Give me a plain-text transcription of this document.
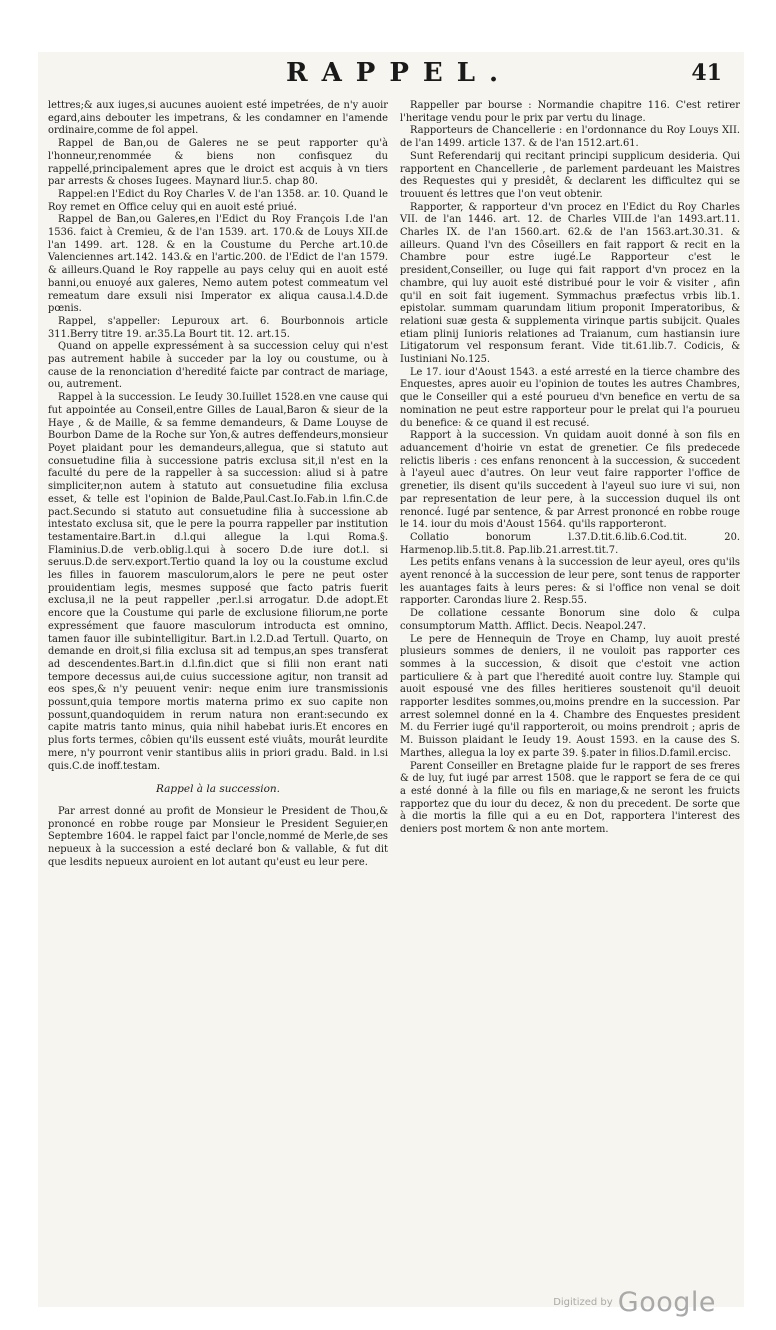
RAPPEL.	41

lettres;& aux iuges,si aucunes auoient esté impetrées, de n'y auoir egard,ains debouter les impetrans, & les condamner en l'amende ordinaire,comme de fol appel.

Rappel de Ban,ou de Galeres ne se peut rapporter qu'à l'honneur,renommée & biens non confisquez du rappellé,principalement apres que le droict est acquis à vn tiers par arrests & choses Iugees. Maynard liur.5. chap 80.

Rappel:en l'Edict du Roy Charles V. de l'an 1358. ar. 10. Quand le Roy remet en Office celuy qui en auoit esté priué.

Rappel de Ban,ou Galeres,en l'Edict du Roy François I.de l'an 1536. faict à Cremieu, & de l'an 1539. art. 170.& de Louys XII.de l'an 1499. art. 128. & en la Coustume du Perche art.10.de Valenciennes art.142. 143.& en l'artic.200. de l'Edict de l'an 1579. & ailleurs.Quand le Roy rappelle au pays celuy qui en auoit esté banni,ou enuoyé aux galeres, Nemo autem potest commeatum vel remeatum dare exsuli nisi Imperator ex aliqua causa.l.4.D.de pœnis.

Rappel, s'appeller: Lepuroux art. 6. Bourbonnois article 311.Berry titre 19. ar.35.La Bourt tit. 12. art.15.

Quand on appelle expressément à sa succession celuy qui n'est pas autrement habile à succeder par la loy ou coustume, ou à cause de la renonciation d'heredité faicte par contract de mariage, ou, autrement.

Rappel à la succession. Le Ieudy 30.Iuillet 1528.en vne cause qui fut appointée au Conseil,entre Gilles de Laual,Baron & sieur de la Haye , & de Maille, & sa femme demandeurs, & Dame Louyse de Bourbon Dame de la Roche sur Yon,& autres deffendeurs,monsieur Poyet plaidant pour les demandeurs,allegua, que si statuto aut consuetudine filia à successione patris exclusa sit,il n'est en la faculté du pere de la rappeller à sa succession: aliud si à patre simpliciter,non autem à statuto aut consuetudine filia exclusa esset, & telle est l'opinion de Balde,Paul.Cast.Io.Fab.in l.fin.C.de pact.Secundo si statuto aut consuetudine filia à successione ab intestato exclusa sit, que le pere la pourra rappeller par institution testamentaire.Bart.in d.l.qui allegue la l.qui Roma.§. Flaminius.D.de verb.oblig.l.qui à socero D.de iure dot.l. si seruus.D.de serv.export.Tertio quand la loy ou la coustume exclud les filles in fauorem masculorum,alors le pere ne peut oster prouidentiam legis, mesmes supposé que facto patris fuerit exclusa,il ne la peut rappeller ,per.l.si arrogatur. D.de adopt.Et encore que la Coustume qui parle de exclusione filiorum,ne porte expressément que fauore masculorum introducta est omnino, tamen fauor ille subintelligitur. Bart.in l.2.D.ad Tertull. Quarto, on demande en droit,si filia exclusa sit ad tempus,an spes transferat ad descendentes.Bart.in d.l.fin.dict que si filii non erant nati tempore decessus aui,de cuius successione agitur, non transit ad eos spes,& n'y peuuent venir: neque enim iure transmissionis possunt,quia tempore mortis materna primo ex suo capite non possunt,quandoquidem in rerum natura non erant:secundo ex capite matris tanto minus, quia nihil habebat iuris.Et encores en plus forts termes, côbien qu'ils eussent esté viuâts, mourât leurdite mere, n'y pourront venir stantibus aliis in priori gradu. Bald. in l.si quis.C.de inoff.testam.

Rappel à la succession.

Par arrest donné au profit de Monsieur le President de Thou,& prononcé en robbe rouge par Monsieur le President Seguier,en Septembre 1604. le rappel faict par l'oncle,nommé de Merle,de ses nepueux à la succession a esté declaré bon & vallable, & fut dit que lesdits nepueux auroient en lot autant qu'eust eu leur pere.

Rappeller par bourse : Normandie chapitre 116. C'est retirer l'heritage vendu pour le prix par vertu du linage.

Rapporteurs de Chancellerie : en l'ordonnance du Roy Louys XII. de l'an 1499. article 137. & de l'an 1512.art.61.

Sunt Referendarij qui recitant principi supplicum desideria. Qui rapportent en Chancellerie , de parlement pardeuant les Maistres des Requestes qui y presidêt, & declarent les difficultez qui se trouuent és lettres que l'on veut obtenir.

Rapporter, & rapporteur d'vn procez en l'Edict du Roy Charles VII. de l'an 1446. art. 12. de Charles VIII.de l'an 1493.art.11. Charles IX. de l'an 1560.art. 62.& de l'an 1563.art.30.31. & ailleurs. Quand l'vn des Côseillers en fait rapport & recit en la Chambre pour estre iugé.Le Rapporteur c'est le president,Conseiller, ou Iuge qui fait rapport d'vn procez en la chambre, qui luy auoit esté distribué pour le voir & visiter , afin qu'il en soit fait iugement. Symmachus præfectus vrbis lib.1. epistolar. summam quarundam litium proponit Imperatoribus, & relationi suæ gesta & supplementa virinque partis subijcit. Quales etiam plinij Iunioris relationes ad Traianum, cum hastiansin iure Litigatorum vel responsum ferant. Vide tit.61.lib.7. Codicis, & Iustiniani No.125.

Le 17. iour d'Aoust 1543. a esté arresté en la tierce chambre des Enquestes, apres auoir eu l'opinion de toutes les autres Chambres, que le Conseiller qui a esté pourueu d'vn benefice en vertu de sa nomination ne peut estre rapporteur pour le prelat qui l'a pourueu du benefice: & ce quand il est recusé.

Rapport à la succession. Vn quidam auoit donné à son fils en aduancement d'hoirie vn estat de grenetier. Ce fils predecede relictis liberis : ces enfans renoncent à la succession, & succedent à l'ayeul auec d'autres. On leur veut faire rapporter l'office de grenetier, ils disent qu'ils succedent à l'ayeul suo iure vi sui, non par representation de leur pere, à la succession duquel ils ont renoncé. Iugé par sentence, & par Arrest prononcé en robbe rouge le 14. iour du mois d'Aoust 1564. qu'ils rapporteront.

Collatio bonorum l.37.D.tit.6.lib.6.Cod.tit. 20. Harmenop.lib.5.tit.8. Pap.lib.21.arrest.tit.7.

Les petits enfans venans à la succession de leur ayeul, ores qu'ils ayent renoncé à la succession de leur pere, sont tenus de rapporter les auantages faits à leurs peres: & si l'office non venal se doit rapporter. Carondas liure 2. Resp.55.

De collatione cessante Bonorum sine dolo & culpa consumptorum Matth. Afflict. Decis. Neapol.247.

Le pere de Hennequin de Troye en Champ, luy auoit presté plusieurs sommes de deniers, il ne vouloit pas rapporter ces sommes à la succession, & disoit que c'estoit vne action particuliere & à part que l'heredité auoit contre luy. Stample qui auoit espousé vne des filles heritieres soustenoit qu'il deuoit rapporter lesdites sommes,ou,moins prendre en la succession. Par arrest solemnel donné en la 4. Chambre des Enquestes president M. du Ferrier iugé qu'il rapporteroit, ou moins prendroit ; apris de M. Buisson plaidant le Ieudy 19. Aoust 1593. en la cause des S. Marthes, allegua la loy ex parte 39. §.pater in filios.D.famil.ercisc.

Parent Conseiller en Bretagne plaide fur le rapport de ses freres & de luy, fut iugé par arrest 1508. que le rapport se fera de ce qui a esté donné à la fille ou fils en mariage,& ne seront les fruicts rapportez que du iour du decez, & non du precedent. De sorte que à die mortis la fille qui a eu en Dot, rapportera l'interest des deniers post mortem & non ante mortem.

Digitized by Google
